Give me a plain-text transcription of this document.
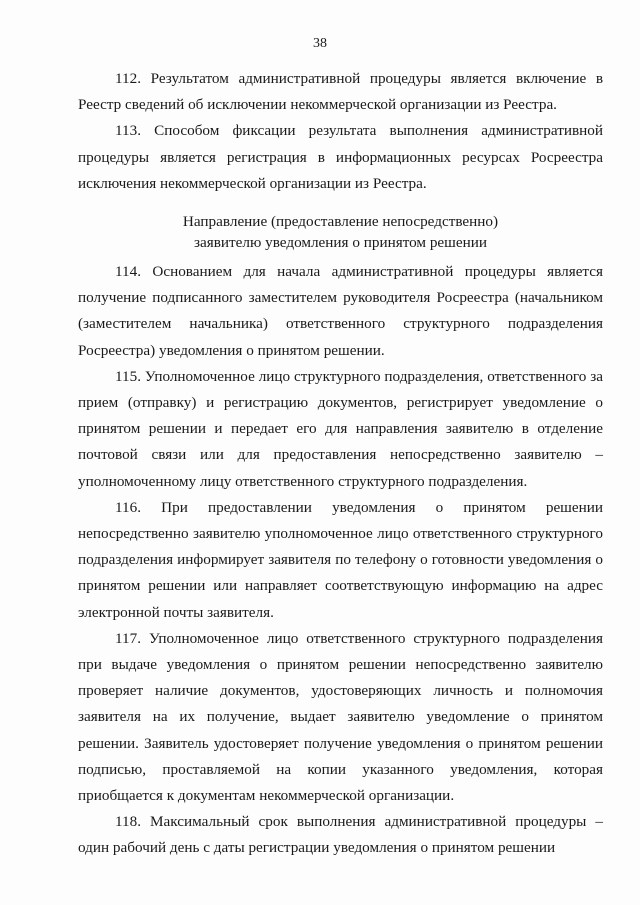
38

112. Результатом административной процедуры является включение в Реестр сведений об исключении некоммерческой организации из Реестра.

113. Способом фиксации результата выполнения административной процедуры является регистрация в информационных ресурсах Росреестра исключения некоммерческой организации из Реестра.

Направление (предоставление непосредственно)
заявителю уведомления о принятом решении

114. Основанием для начала административной процедуры является получение подписанного заместителем руководителя Росреестра (начальником (заместителем начальника) ответственного структурного подразделения Росреестра) уведомления о принятом решении.

115. Уполномоченное лицо структурного подразделения, ответственного за прием (отправку) и регистрацию документов, регистрирует уведомление о принятом решении и передает его для направления заявителю в отделение почтовой связи или для предоставления непосредственно заявителю – уполномоченному лицу ответственного структурного подразделения.

116. При предоставлении уведомления о принятом решении непосредственно заявителю уполномоченное лицо ответственного структурного подразделения информирует заявителя по телефону о готовности уведомления о принятом решении или направляет соответствующую информацию на адрес электронной почты заявителя.

117. Уполномоченное лицо ответственного структурного подразделения при выдаче уведомления о принятом решении непосредственно заявителю проверяет наличие документов, удостоверяющих личность и полномочия заявителя на их получение, выдает заявителю уведомление о принятом решении. Заявитель удостоверяет получение уведомления о принятом решении подписью, проставляемой на копии указанного уведомления, которая приобщается к документам некоммерческой организации.

118. Максимальный срок выполнения административной процедуры – один рабочий день с даты регистрации уведомления о принятом решении
